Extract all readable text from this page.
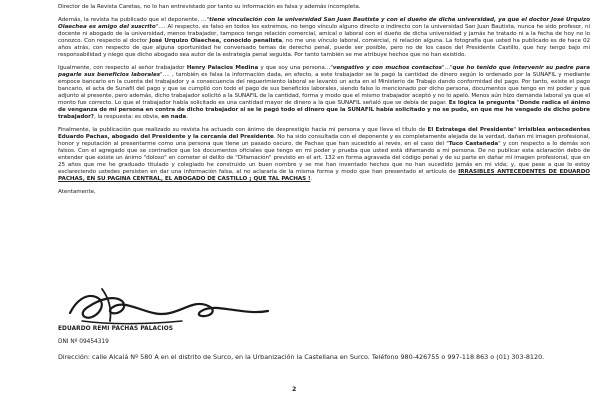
Director de la Revista Caretas, no lo han entrevistado por tanto su información es falsa y además incompleta.

Además, la revista ha publicado que el deponente, …"tiene vinculación con la universidad San Juan Bautista y con el dueño de dicha universidad, ya que el doctor José Urquizo Olaechea es amigo del suscrito"…. Al respecto, es falso en todos los extremos, no tengo vínculo alguno directo o indirecto con la universidad San Juan Bautista, nunca he sido profesor, ni docente ni abogado de la universidad, menos trabajador, tampoco tengo relación comercial, amical o laboral con el dueño de dicha universidad y jamás he tratado ni a la fecha de hoy no lo conozco. Con respecto al doctor José Urquizo Olaechea, conocido penalista, no me une vínculo laboral, comercial, ni relación alguna. La fotografía que usted ha publicado es de hace 02 años atrás, con respecto de que alguna oportunidad he conversado temas de derecho penal, puede ser posible, pero no de los casos del Presidente Castillo, que hoy tengo bajo mi responsabilidad y niego que dicho abogado sea autor de la estrategia penal seguida. Por tanto también se me atribuye hechos que no han existido.

Igualmente, con respecto al señor trabajador Henry Palacios Medina y que soy una persona…"vengativo y con muchos contactos"…"que ho tenido que intervenir su padre para pagarle sus beneficios laborales"…. , también es falsa la información dada, en efecto, a este trabajador se le pagó la cantidad de dinero según lo ordenado por la SUNAFIL y mediante empoce bancario en la cuenta del trabajador y a consecuencia del requerimiento laboral se levantó un acta en el Ministerio de Trabajo dando conformidad del pago. Por tanto, existe el pago bancario, el acta de Sunafil del pago y que se cumplió con todo el pago de sus beneficios laborales, siendo falso lo mencionado por dicho persona, documentos que tengo en mi poder y que adjunto al presente, pero además, dicho trabajador solicitó a la SUNAFIL de la cantidad, forma y modo que el mismo trabajador aceptó y no lo apeló. Menos aún hizo demanda laboral ya que el monto fue correcto. Lo que el trabajador había solicitado es una cantidad mayor de dinero a la que SUNAFIL señaló que se debía de pagar. Es lógica la pregunta "Donde radica el ánimo de venganza de mi persona en contra de dicho trabajador si se le pagó todo el dinero que la SUNAFIL había solicitado y no se pudo, en que me he vengado de dicho pobre trabajador?, la respuesta: es obvia, en nada.

Finalmente, la publicación que realizado su revista ha actuado con ánimo de desprestigio hacia mi persona y que lleva el título de El Estratega del Presidente" irrisibles antecedentes Eduardo Pachas, abogado del Presidente y la cercanía del Presidente. No ha sido consultada con el deponente y es completamente alejada de la verdad, dañan mi imagen profesional, honor y reputación al presentarme como una persona que tiene un pasado oscuro, de Pachas que han sucedido al revés, en el caso del "Tuco Castañeda" y con respecto a lo demás son falsos. Con el agregado que se contradice que los documentos oficiales que tengo en mi poder y prueba que usted está difamando a mi persona. De no publicar esta aclaración debo de entender que existe un ánimo "doloso" en cometer el delito de "Difamación" previsto en el art. 132 en forma agravada del código penal y de su parte en dañar mi imagen profesional, que en 25 años que me he graduado titulado y colegiado he construido un buen nombre y se me han inventado hechos que no han sucedido jamás en mi vida; y, que pese a que lo estoy esclareciendo ustedes persisten en dar una información falsa, al no aclararla de la misma forma y modo que han presentado el artículo de IRRASIBLES ANTECEDENTES DE EDUARDO PACHAS, EN SU PAGINA CENTRAL, EL ABOGADO DE CASTILLO ¡ QUE TAL PACHAS !.

Atentamente,
EDUARDO REMI PACHAS PALACIOS
DNI Nº 09454319
Dirección: calle Alcalá Nº 580 A en el distrito de Surco, en la Urbanización la Castellana en Surco. Teléfono 980-426755 o 997-118 863 o (01) 303-8120.
2
